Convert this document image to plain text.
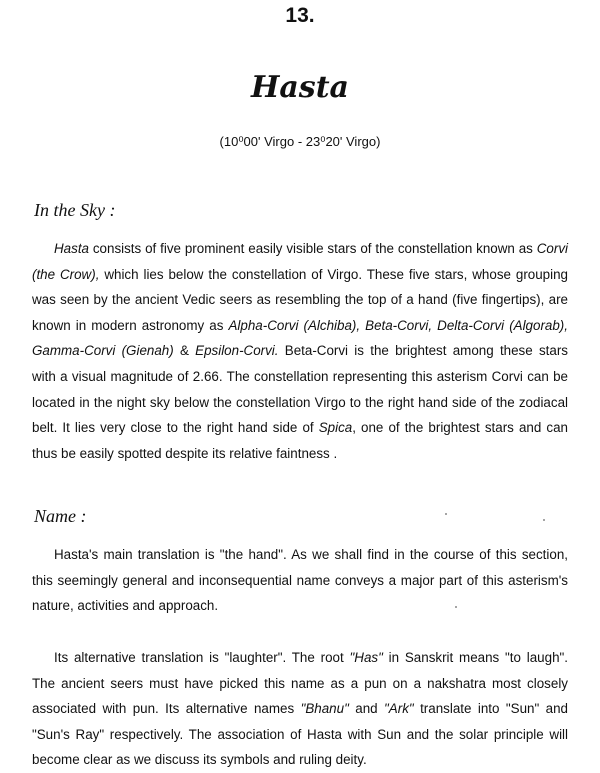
13.
Hasta
(10⁰00' Virgo - 23⁰20' Virgo)
In the Sky :
Hasta consists of five prominent easily visible stars of the constellation known as Corvi (the Crow), which lies below the constellation of Virgo. These five stars, whose grouping was seen by the ancient Vedic seers as resembling the top of a hand (five fingertips), are known in modern astronomy as Alpha-Corvi (Alchiba), Beta-Corvi, Delta-Corvi (Algorab), Gamma-Corvi (Gienah) & Epsilon-Corvi. Beta-Corvi is the brightest among these stars with a visual magnitude of 2.66. The constellation representing this asterism Corvi can be located in the night sky below the constellation Virgo to the right hand side of the zodiacal belt. It lies very close to the right hand side of Spica, one of the brightest stars and can thus be easily spotted despite its relative faintness .
Name :
Hasta's main translation is "the hand". As we shall find in the course of this section, this seemingly general and inconsequential name conveys a major part of this asterism's nature, activities and approach.
Its alternative translation is "laughter". The root "Has" in Sanskrit means "to laugh". The ancient seers must have picked this name as a pun on a nakshatra most closely associated with pun. Its alternative names "Bhanu" and "Ark" translate into "Sun" and "Sun's Ray" respectively. The association of Hasta with Sun and the solar principle will become clear as we discuss its symbols and ruling deity.
